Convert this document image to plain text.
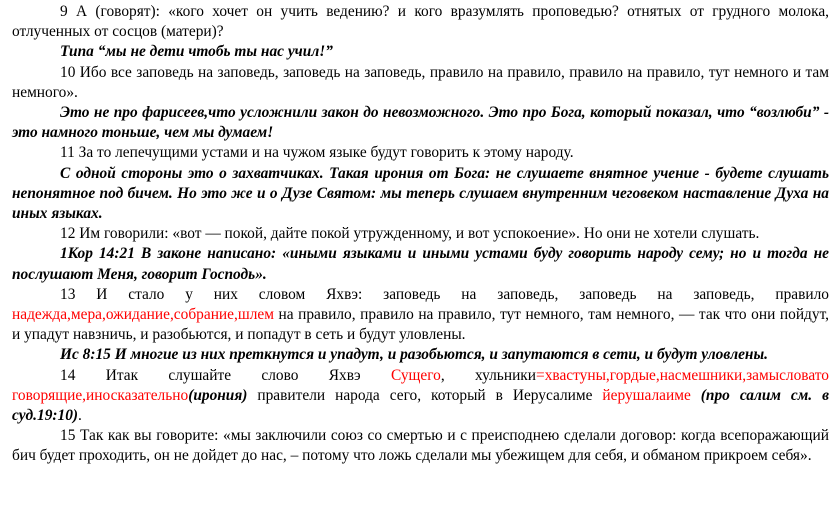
9 А (говорят): «кого хочет он учить ведению? и кого вразумлять проповедью? отнятых от грудного молока, отлученных от сосцов (матери)?

Типа “мы не дети чтобь ты нас учил!”

10 Ибо все заповедь на заповедь, заповедь на заповедь, правило на правило, правило на правило, тут немного и там немного».

Это не про фарисеев,что усложнили закон до невозможного. Это про Бога, который показал, что “возлюби” - это намного тоньше, чем мы думаем!

11 За то лепечущими устами и на чужом языке будут говорить к этому народу.

С одной стороны это о захватчиках. Такая ирония от Бога: не слушаете внятное учение - будете слушать непонятное под бичем. Но это же и о Дузе Святом: мы теперь слушаем внутренним чеговеком наставление Духа на иных языках.

12 Им говорили: «вот — покой, дайте покой утружденному, и вот успокоение». Но они не хотели слушать.

1Кор 14:21 В законе написано: «иными языками и иными устами буду говорить народу сему; но и тогда не послушают Меня, говорит Господь».

13 И стало у них словом Яхвэ: заповедь на заповедь, заповедь на заповедь, правило надежда,мера,ожидание,собрание,шлем на правило, правило на правило, тут немного, там немного, — так что они пойдут, и упадут навзничь, и разобьются, и попадут в сеть и будут уловлены.

Ис 8:15 И многие из них преткнутся и упадут, и разобьются, и запутаются в сети, и будут уловлены.

14 Итак слушайте слово Яхвэ Сущего, хульники=хвастуны,гордые,насмешники,замысловато говорящие,иносказательно(ирония) правители народа сего, который в Иерусалиме йерушалаиме (про салим см. в суд.19:10).

15 Так как вы говорите: «мы заключили союз со смертью и с преисподнею сделали договор: когда всепоражающий бич будет проходить, он не дойдет до нас, – потому что ложь сделали мы убежищем для себя, и обманом прикроем себя».
